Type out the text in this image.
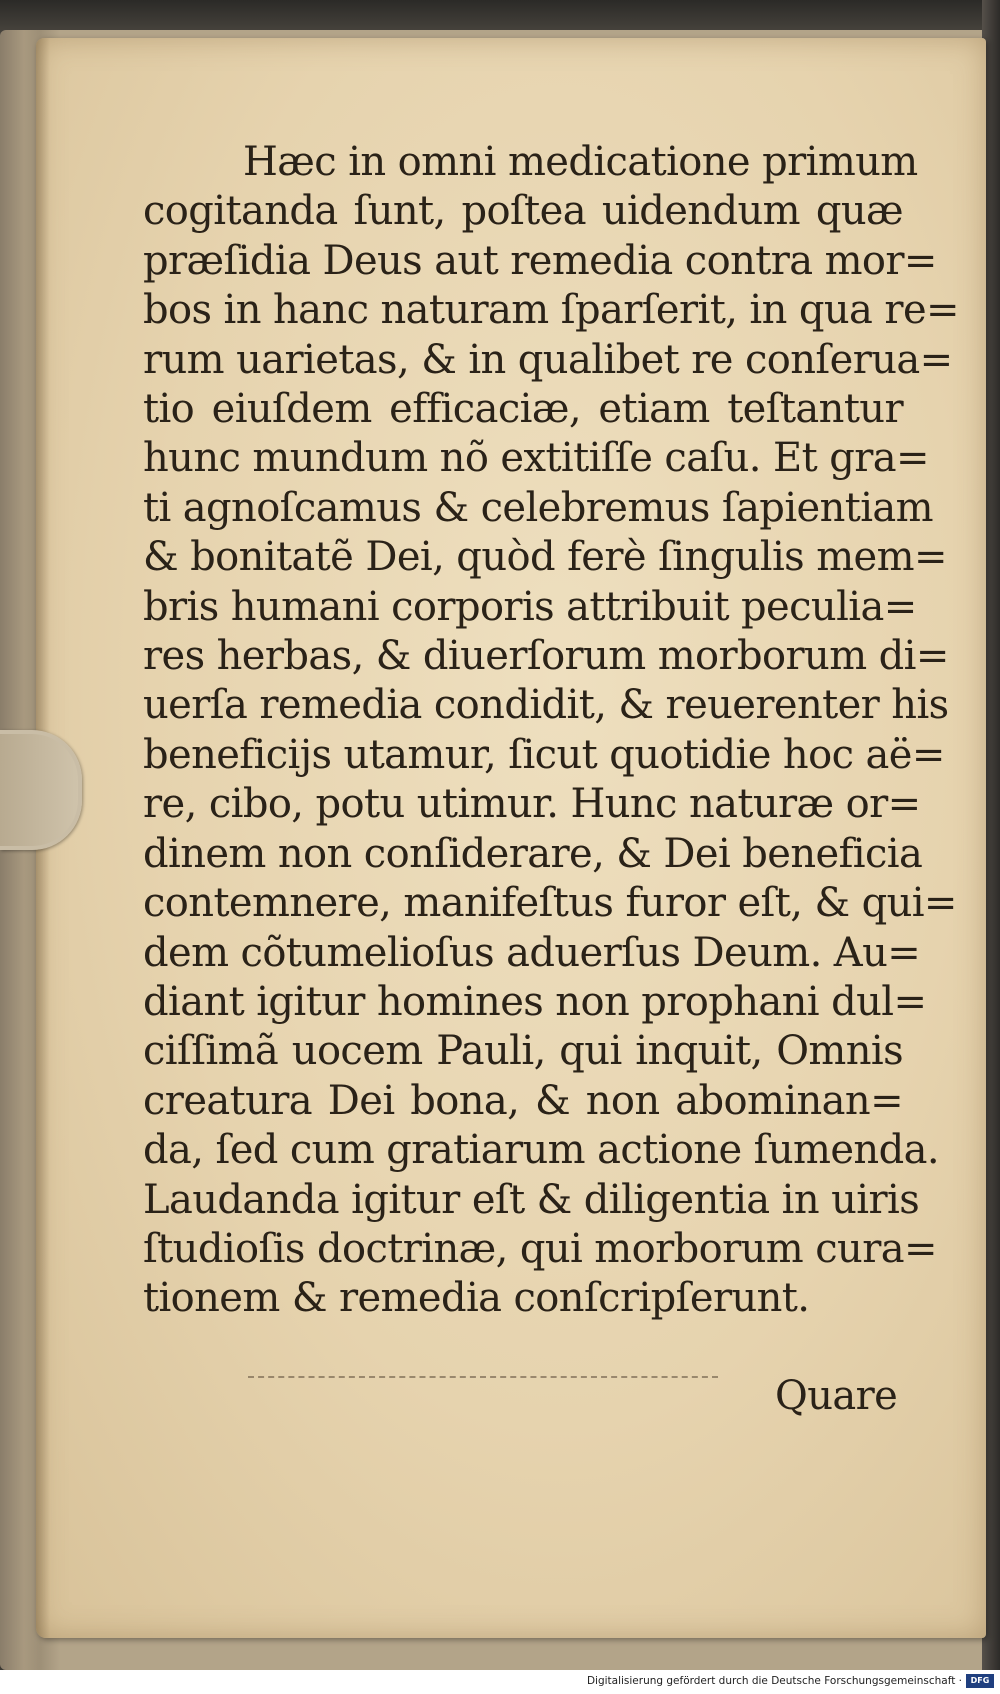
Hæc in omni medicatione primum
cogitanda ſunt, poſtea uidendum quæ
præſidia Deus aut remedia contra mor=
bos in hanc naturam ſparſerit, in qua re=
rum uarietas, & in qualibet re conſerua=
tio eiuſdem efficaciæ, etiam teſtantur
hunc mundum nõ extitiſſe caſu. Et gra=
ti agnoſcamus & celebremus ſapientiam
& bonitatẽ Dei, quòd ferè ſingulis mem=
bris humani corporis attribuit peculia=
res herbas, & diuerſorum morborum di=
uerſa remedia condidit, & reuerenter his
beneficijs utamur, ſicut quotidie hoc aë=
re, cibo, potu utimur. Hunc naturæ or=
dinem non conſiderare, & Dei beneficia
contemnere, manifeſtus furor eſt, & qui=
dem cõtumelioſus aduerſus Deum. Au=
diant igitur homines non prophani dul=
ciſſimã uocem Pauli, qui inquit, Omnis
creatura Dei bona, & non abominan=
da, ſed cum gratiarum actione ſumenda.
Laudanda igitur eſt & diligentia in uiris
ſtudioſis doctrinæ, qui morborum cura=
tionem & remedia conſcripſerunt.
Quare
Digitalisierung gefördert durch die Deutsche Forschungsgemeinschaft ·	DFG
